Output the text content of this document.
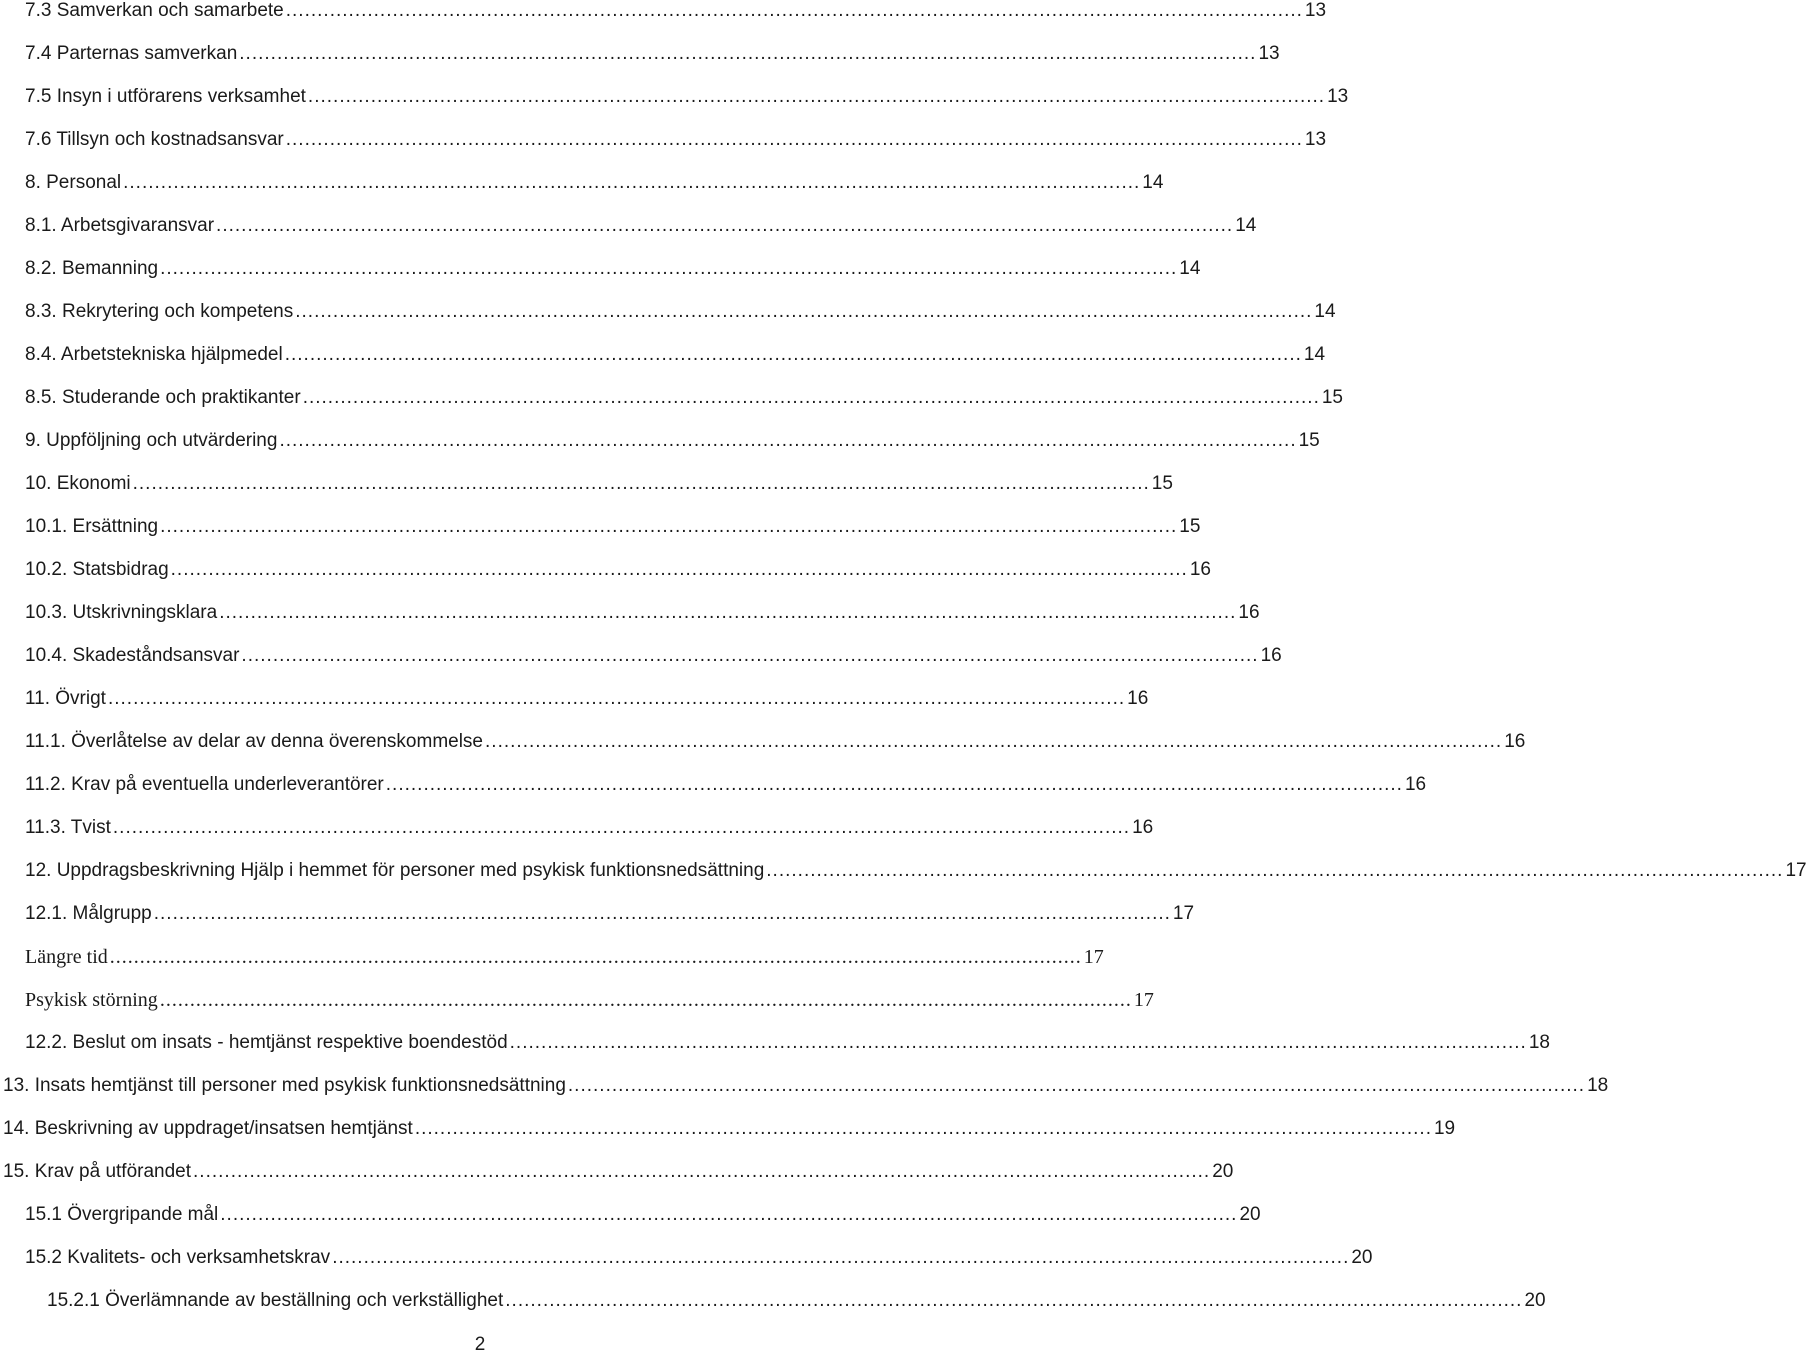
7.3 Samverkan och samarbete .................................................................................................................................................................. 13
7.4 Parternas samverkan .................................................................................................................................................................. 13
7.5 Insyn i utförarens verksamhet .................................................................................................................................................................. 13
7.6 Tillsyn och kostnadsansvar .................................................................................................................................................................. 13
8. Personal .................................................................................................................................................................. 14
8.1. Arbetsgivaransvar .................................................................................................................................................................. 14
8.2. Bemanning .................................................................................................................................................................. 14
8.3. Rekrytering och kompetens .................................................................................................................................................................. 14
8.4. Arbetstekniska hjälpmedel .................................................................................................................................................................. 14
8.5. Studerande och praktikanter .................................................................................................................................................................. 15
9. Uppföljning och utvärdering .................................................................................................................................................................. 15
10. Ekonomi .................................................................................................................................................................. 15
10.1. Ersättning .................................................................................................................................................................. 15
10.2. Statsbidrag .................................................................................................................................................................. 16
10.3. Utskrivningsklara .................................................................................................................................................................. 16
10.4. Skadeståndsansvar .................................................................................................................................................................. 16
11. Övrigt .................................................................................................................................................................. 16
11.1. Överlåtelse av delar av denna överenskommelse .................................................................................................................................................................. 16
11.2. Krav på eventuella underleverantörer .................................................................................................................................................................. 16
11.3. Tvist .................................................................................................................................................................. 16
12. Uppdragsbeskrivning Hjälp i hemmet för personer med psykisk funktionsnedsättning .................................................................................................................................................................. 17
12.1. Målgrupp .................................................................................................................................................................. 17
Längre tid .................................................................................................................................................................. 17
Psykisk störning .................................................................................................................................................................. 17
12.2. Beslut om insats - hemtjänst respektive boendestöd .................................................................................................................................................................. 18
13. Insats hemtjänst till personer med psykisk funktionsnedsättning .................................................................................................................................................................. 18
14. Beskrivning av uppdraget/insatsen hemtjänst .................................................................................................................................................................. 19
15. Krav på utförandet .................................................................................................................................................................. 20
15.1 Övergripande mål .................................................................................................................................................................. 20
15.2 Kvalitets- och verksamhetskrav .................................................................................................................................................................. 20
15.2.1 Överlämnande av beställning och verkställighet .................................................................................................................................................................. 20
2
